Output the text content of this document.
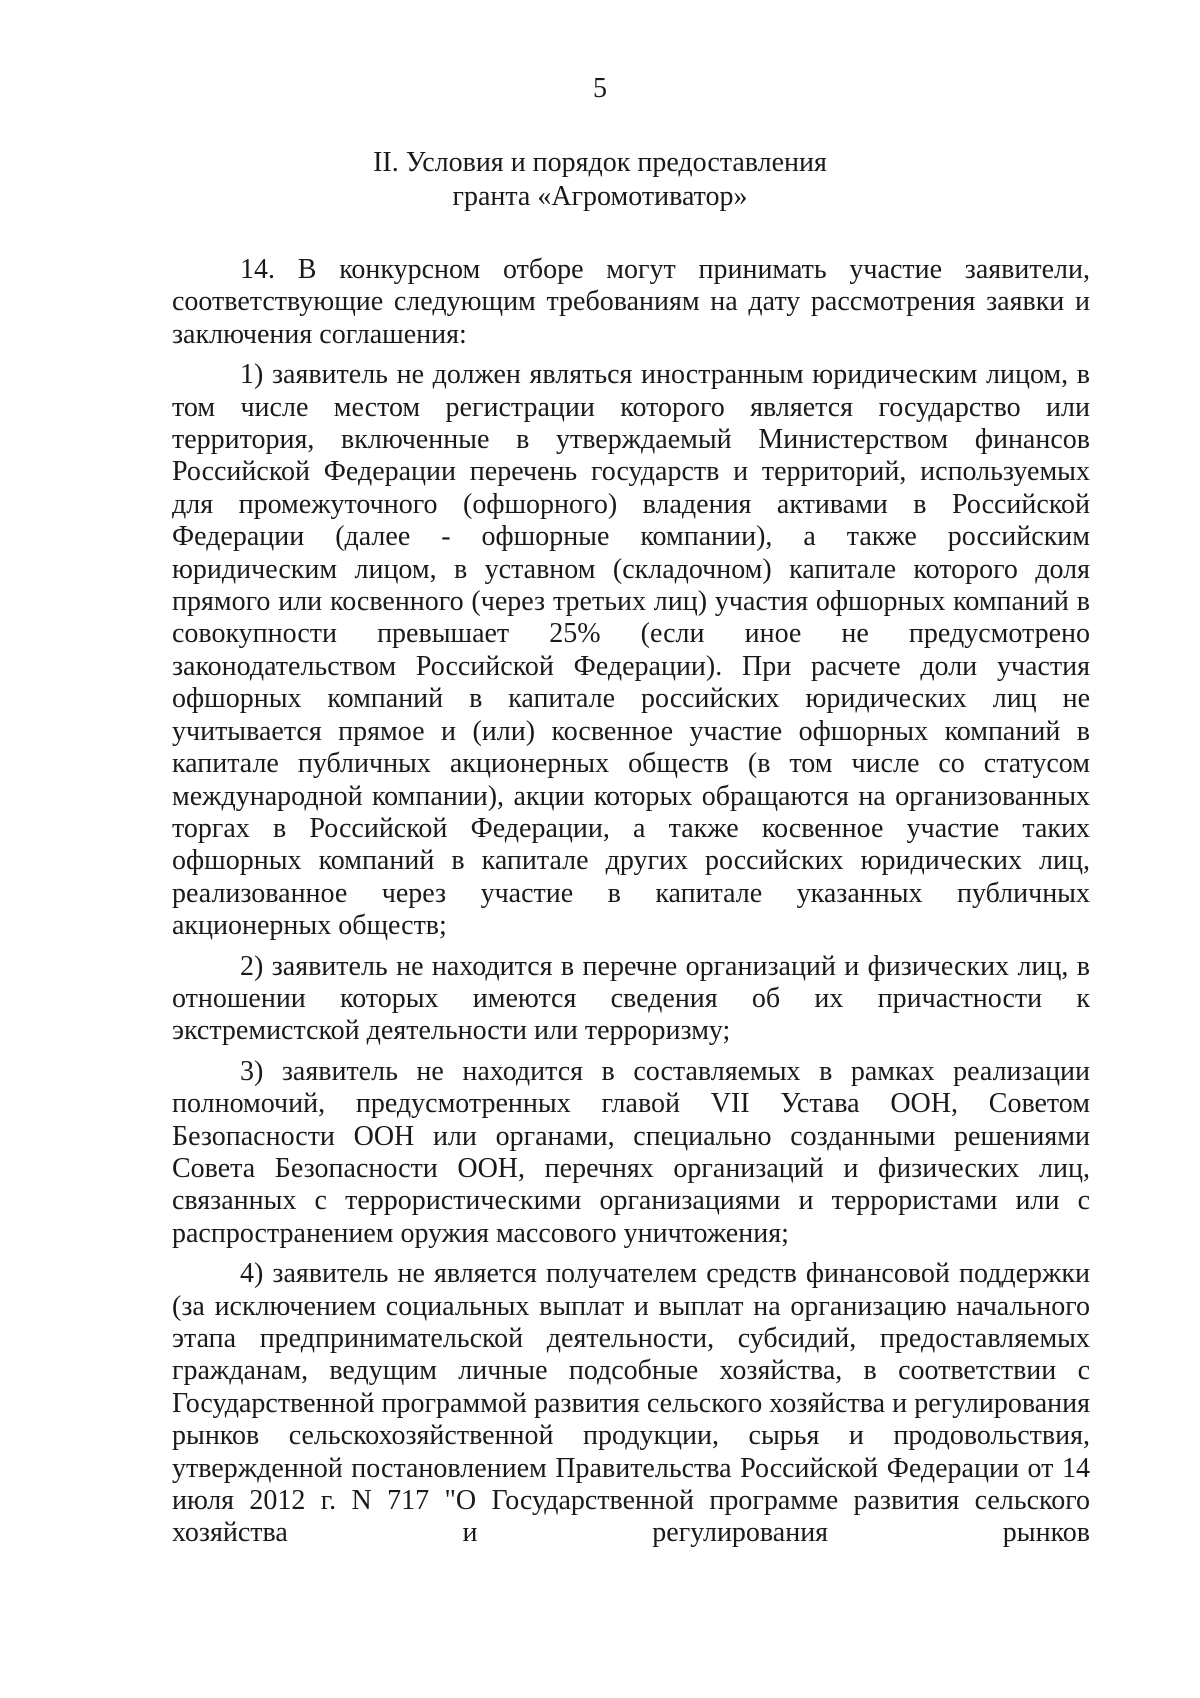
5
II. Условия и порядок предоставления
гранта «Агромотиватор»

14. В конкурсном отборе могут принимать участие заявители, соответствующие следующим требованиям на дату рассмотрения заявки и заключения соглашения:

1) заявитель не должен являться иностранным юридическим лицом, в том числе местом регистрации которого является государство или территория, включенные в утверждаемый Министерством финансов Российской Федерации перечень государств и территорий, используемых для промежуточного (офшорного) владения активами в Российской Федерации (далее - офшорные компании), а также российским юридическим лицом, в уставном (складочном) капитале которого доля прямого или косвенного (через третьих лиц) участия офшорных компаний в совокупности превышает 25% (если иное не предусмотрено законодательством Российской Федерации). При расчете доли участия офшорных компаний в капитале российских юридических лиц не учитывается прямое и (или) косвенное участие офшорных компаний в капитале публичных акционерных обществ (в том числе со статусом международной компании), акции которых обращаются на организованных торгах в Российской Федерации, а также косвенное участие таких офшорных компаний в капитале других российских юридических лиц, реализованное через участие в капитале указанных публичных акционерных обществ;

2) заявитель не находится в перечне организаций и физических лиц, в отношении которых имеются сведения об их причастности к экстремистской деятельности или терроризму;

3) заявитель не находится в составляемых в рамках реализации полномочий, предусмотренных главой VII Устава ООН, Советом Безопасности ООН или органами, специально созданными решениями Совета Безопасности ООН, перечнях организаций и физических лиц, связанных с террористическими организациями и террористами или с распространением оружия массового уничтожения;

4) заявитель не является получателем средств финансовой поддержки (за исключением социальных выплат и выплат на организацию начального этапа предпринимательской деятельности, субсидий, предоставляемых гражданам, ведущим личные подсобные хозяйства, в соответствии с Государственной программой развития сельского хозяйства и регулирования рынков сельскохозяйственной продукции, сырья и продовольствия, утвержденной постановлением Правительства Российской Федерации от 14 июля 2012 г. N 717 "О Государственной программе развития сельского хозяйства и регулирования рынков
